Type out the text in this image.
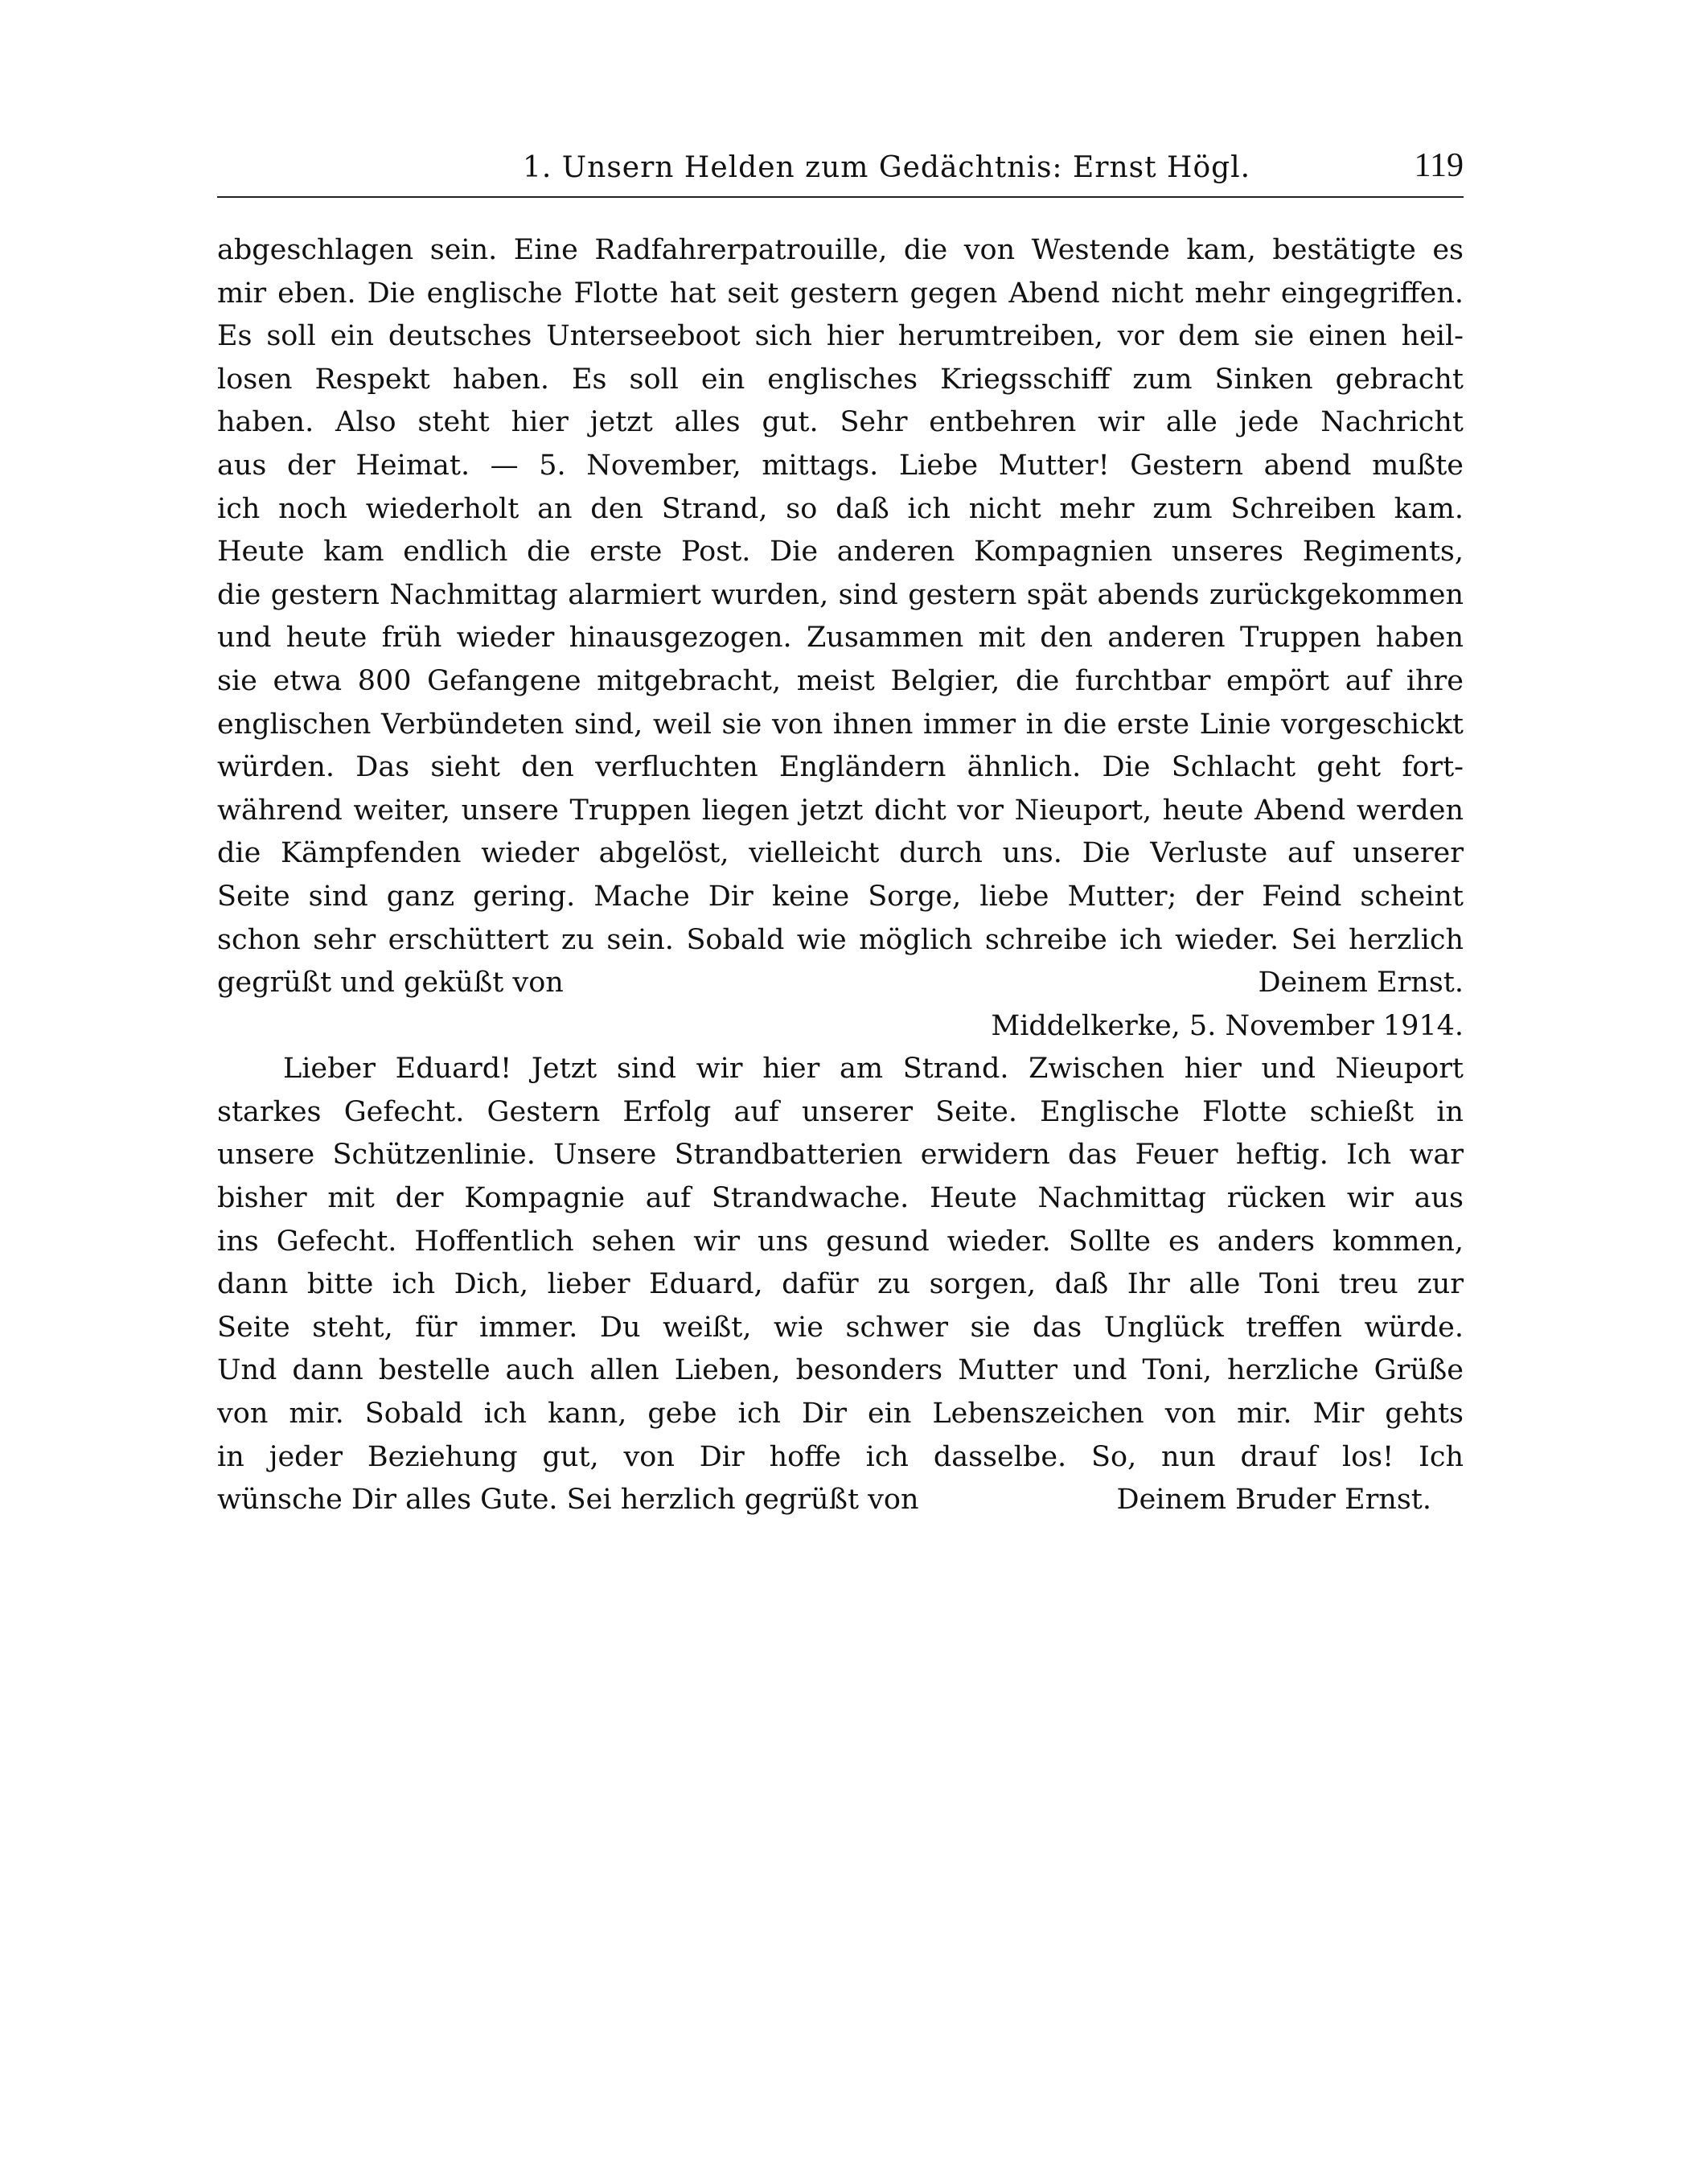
1. Unsern Helden zum Gedächtnis: Ernst Högl.	119
abgeschlagen sein. Eine Radfahrerpatrouille, die von Westende kam, bestätigte es
mir eben. Die englische Flotte hat seit gestern gegen Abend nicht mehr eingegriffen.
Es soll ein deutsches Unterseeboot sich hier herumtreiben, vor dem sie einen heil-
losen Respekt haben. Es soll ein englisches Kriegsschiff zum Sinken gebracht
haben. Also steht hier jetzt alles gut. Sehr entbehren wir alle jede Nachricht
aus der Heimat. — 5. November, mittags. Liebe Mutter! Gestern abend mußte
ich noch wiederholt an den Strand, so daß ich nicht mehr zum Schreiben kam.
Heute kam endlich die erste Post. Die anderen Kompagnien unseres Regiments,
die gestern Nachmittag alarmiert wurden, sind gestern spät abends zurückgekommen
und heute früh wieder hinausgezogen. Zusammen mit den anderen Truppen haben
sie etwa 800 Gefangene mitgebracht, meist Belgier, die furchtbar empört auf ihre
englischen Verbündeten sind, weil sie von ihnen immer in die erste Linie vorgeschickt
würden. Das sieht den verfluchten Engländern ähnlich. Die Schlacht geht fort-
während weiter, unsere Truppen liegen jetzt dicht vor Nieuport, heute Abend werden
die Kämpfenden wieder abgelöst, vielleicht durch uns. Die Verluste auf unserer
Seite sind ganz gering. Mache Dir keine Sorge, liebe Mutter; der Feind scheint
schon sehr erschüttert zu sein. Sobald wie möglich schreibe ich wieder. Sei herzlich
gegrüßt und geküßt von	Deinem Ernst.
Middelkerke, 5. November 1914.
Lieber Eduard! Jetzt sind wir hier am Strand. Zwischen hier und Nieuport
starkes Gefecht. Gestern Erfolg auf unserer Seite. Englische Flotte schießt in
unsere Schützenlinie. Unsere Strandbatterien erwidern das Feuer heftig. Ich war
bisher mit der Kompagnie auf Strandwache. Heute Nachmittag rücken wir aus
ins Gefecht. Hoffentlich sehen wir uns gesund wieder. Sollte es anders kommen,
dann bitte ich Dich, lieber Eduard, dafür zu sorgen, daß Ihr alle Toni treu zur
Seite steht, für immer. Du weißt, wie schwer sie das Unglück treffen würde.
Und dann bestelle auch allen Lieben, besonders Mutter und Toni, herzliche Grüße
von mir. Sobald ich kann, gebe ich Dir ein Lebenszeichen von mir. Mir gehts
in jeder Beziehung gut, von Dir hoffe ich dasselbe. So, nun drauf los! Ich
wünsche Dir alles Gute. Sei herzlich gegrüßt von	Deinem Bruder Ernst.
